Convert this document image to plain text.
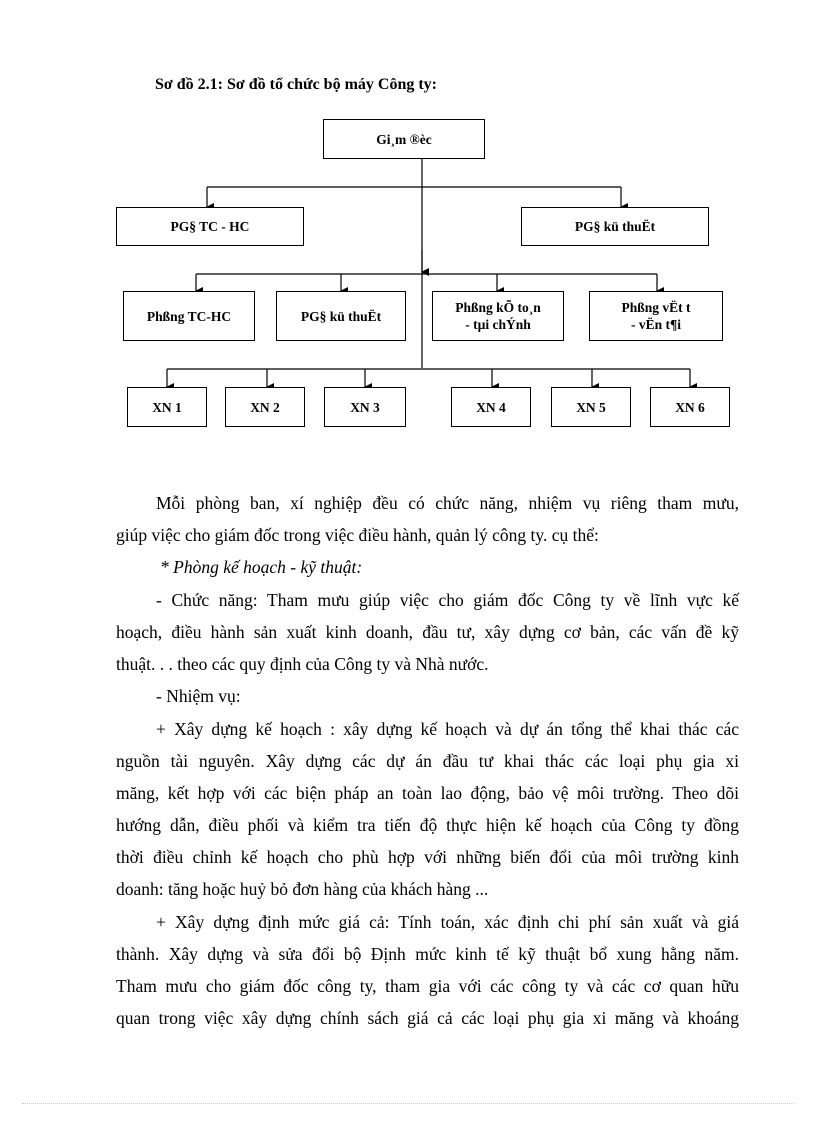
Sơ đồ 2.1: Sơ đồ tổ chức bộ máy Công ty:
Gi¸m ®èc
PG§ TC - HC	PG§ kü thuËt
Phßng TC-HC	PG§ kü thuËt
Phßng kÕ to¸n
- tµi chÝnh
Phßng vËt t
- vËn t¶i
XN 1	XN 2	XN 3	XN 4	XN 5	XN 6
Mỗi phòng ban, xí nghiệp đều có chức năng, nhiệm vụ riêng tham mưu,
giúp việc cho giám đốc trong việc điều hành, quản lý công ty. cụ thể:
* Phòng kế hoạch - kỹ thuật:
- Chức năng: Tham mưu giúp việc cho giám đốc Công ty về lĩnh vực kế
hoạch, điều hành sản xuất kinh doanh, đầu tư, xây dựng cơ bản, các vấn đề kỹ
thuật. . . theo các quy định của Công ty và Nhà nước.
- Nhiệm vụ:
+ Xây dựng kế hoạch : xây dựng kế hoạch và dự án tổng thể khai thác các
nguồn tài nguyên. Xây dựng các dự án đầu tư khai thác các loại phụ gia xi
măng, kết hợp với các biện pháp an toàn lao động, bảo vệ môi trường. Theo dõi
hướng dẫn, điều phối và kiểm tra tiến độ thực hiện kế hoạch của Công ty đồng
thời điều chỉnh kế hoạch cho phù hợp với những biến đổi của môi trường kinh
doanh: tăng hoặc huỷ bỏ đơn hàng của khách hàng ...
+ Xây dựng định mức giá cả: Tính toán, xác định chi phí sản xuất và giá
thành. Xây dựng và sửa đổi bộ Định mức kinh tế kỹ thuật bổ xung hằng năm.
Tham mưu cho giám đốc công ty, tham gia với các công ty và các cơ quan hữu
quan trong việc xây dựng chính sách giá cả các loại phụ gia xi măng và khoáng
